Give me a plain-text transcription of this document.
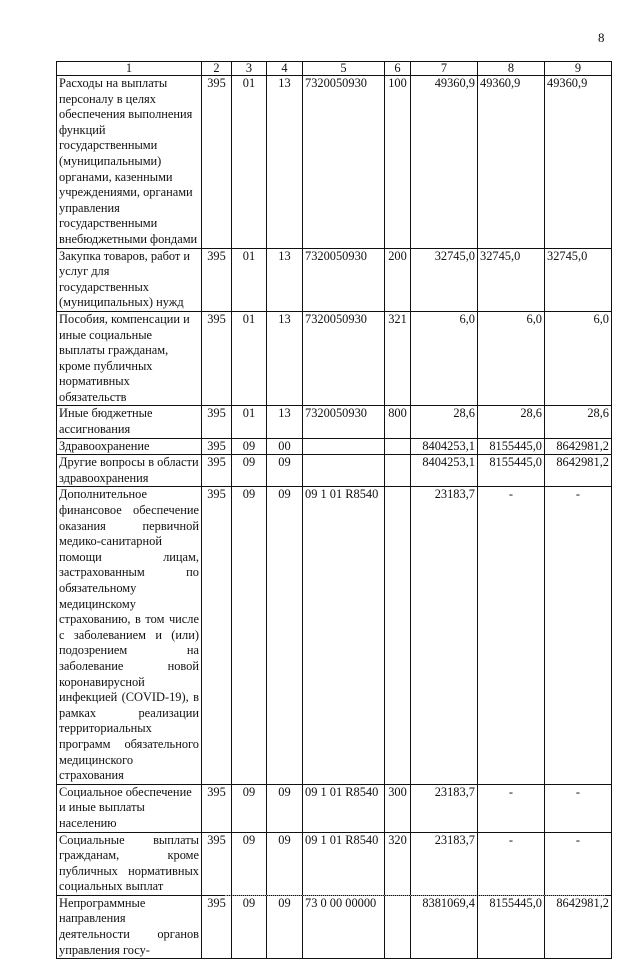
8
1	2	3	4	5	6	7	8	9
Расходы на выплаты персоналу в целях обеспечения выполнения функций государственными (муниципальными) органами, казенными учреждениями, органами управления государственными внебюджетными фондами	395	01	13	7320050930	100	49360,9	49360,9	49360,9
Закупка товаров, работ и услуг для государственных (муниципальных) нужд	395	01	13	7320050930	200	32745,0	32745,0	32745,0
Пособия, компенсации и иные социальные выплаты гражданам, кроме публичных нормативных обязательств	395	01	13	7320050930	321	6,0	6,0	6,0
Иные бюджетные ассигнования	395	01	13	7320050930	800	28,6	28,6	28,6
Здравоохранение	395	09	00			8404253,1	8155445,0	8642981,2
Другие вопросы в области здравоохранения	395	09	09			8404253,1	8155445,0	8642981,2
Дополнительное финансовое обеспечение оказания первичной медико-санитарной помощи лицам, застрахованным по обязательному медицинскому страхованию, в том числе с заболеванием и (или) подозрением на заболевание новой коронавирусной инфекцией (COVID-19), в рамках реализации территориальных программ обязательного медицинского страхования	395	09	09	09 1 01 R8540		23183,7	-	-
Социальное обеспечение и иные выплаты населению	395	09	09	09 1 01 R8540	300	23183,7	-	-
Социальные выплаты гражданам, кроме публичных нормативных социальных выплат	395	09	09	09 1 01 R8540	320	23183,7	-	-
Непрограммные направления деятельности органов управления госу-	395	09	09	73 0 00 00000		8381069,4	8155445,0	8642981,2
